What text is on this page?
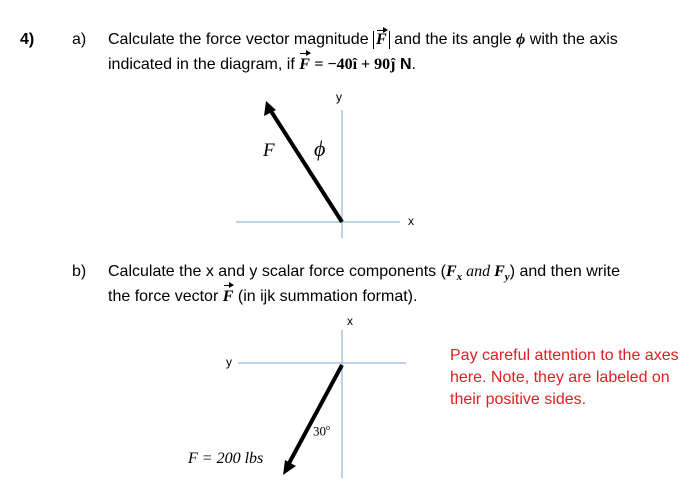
4) a) Calculate the force vector magnitude F and the its angle ϕ with the axis
indicated in the diagram, if F = −40î + 90ĵ N.
y
x
F ϕ
b) Calculate the x and y scalar force components ($F_x$ and $F_y$) and then write
the force vector F (in ijk summation format).
x
y
30$^o$
F = 200 lbs
Pay careful attention to the axes
here. Note, they are labeled on
their positive sides.
